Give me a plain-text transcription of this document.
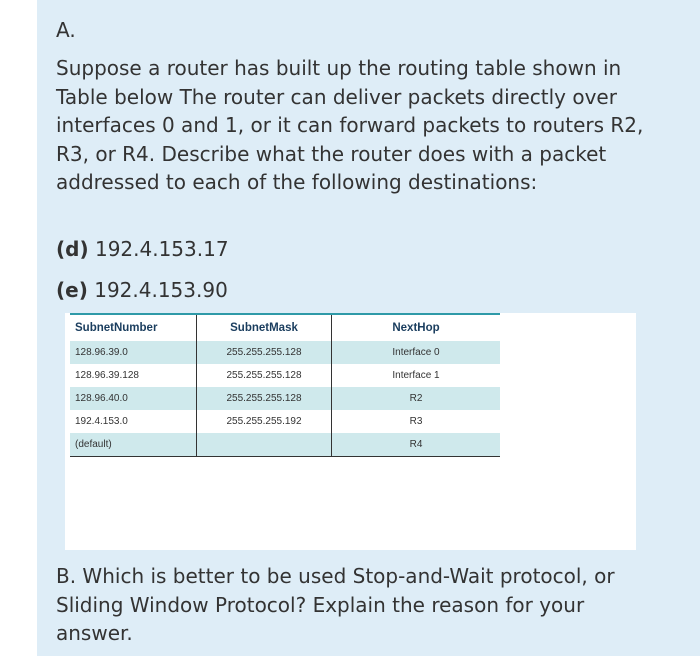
A.
Suppose a router has built up the routing table shown in Table below The router can deliver packets directly over interfaces 0 and 1, or it can forward packets to routers R2, R3, or R4. Describe what the router does with a packet addressed to each of the following destinations:
(d) 192.4.153.17
(e) 192.4.153.90
SubnetNumber	SubnetMask	NextHop
128.96.39.0	255.255.255.128	Interface 0
128.96.39.128	255.255.255.128	Interface 1
128.96.40.0	255.255.255.128	R2
192.4.153.0	255.255.255.192	R3
(default)		R4
B. Which is better to be used Stop-and-Wait protocol, or Sliding Window Protocol? Explain the reason for your answer.
